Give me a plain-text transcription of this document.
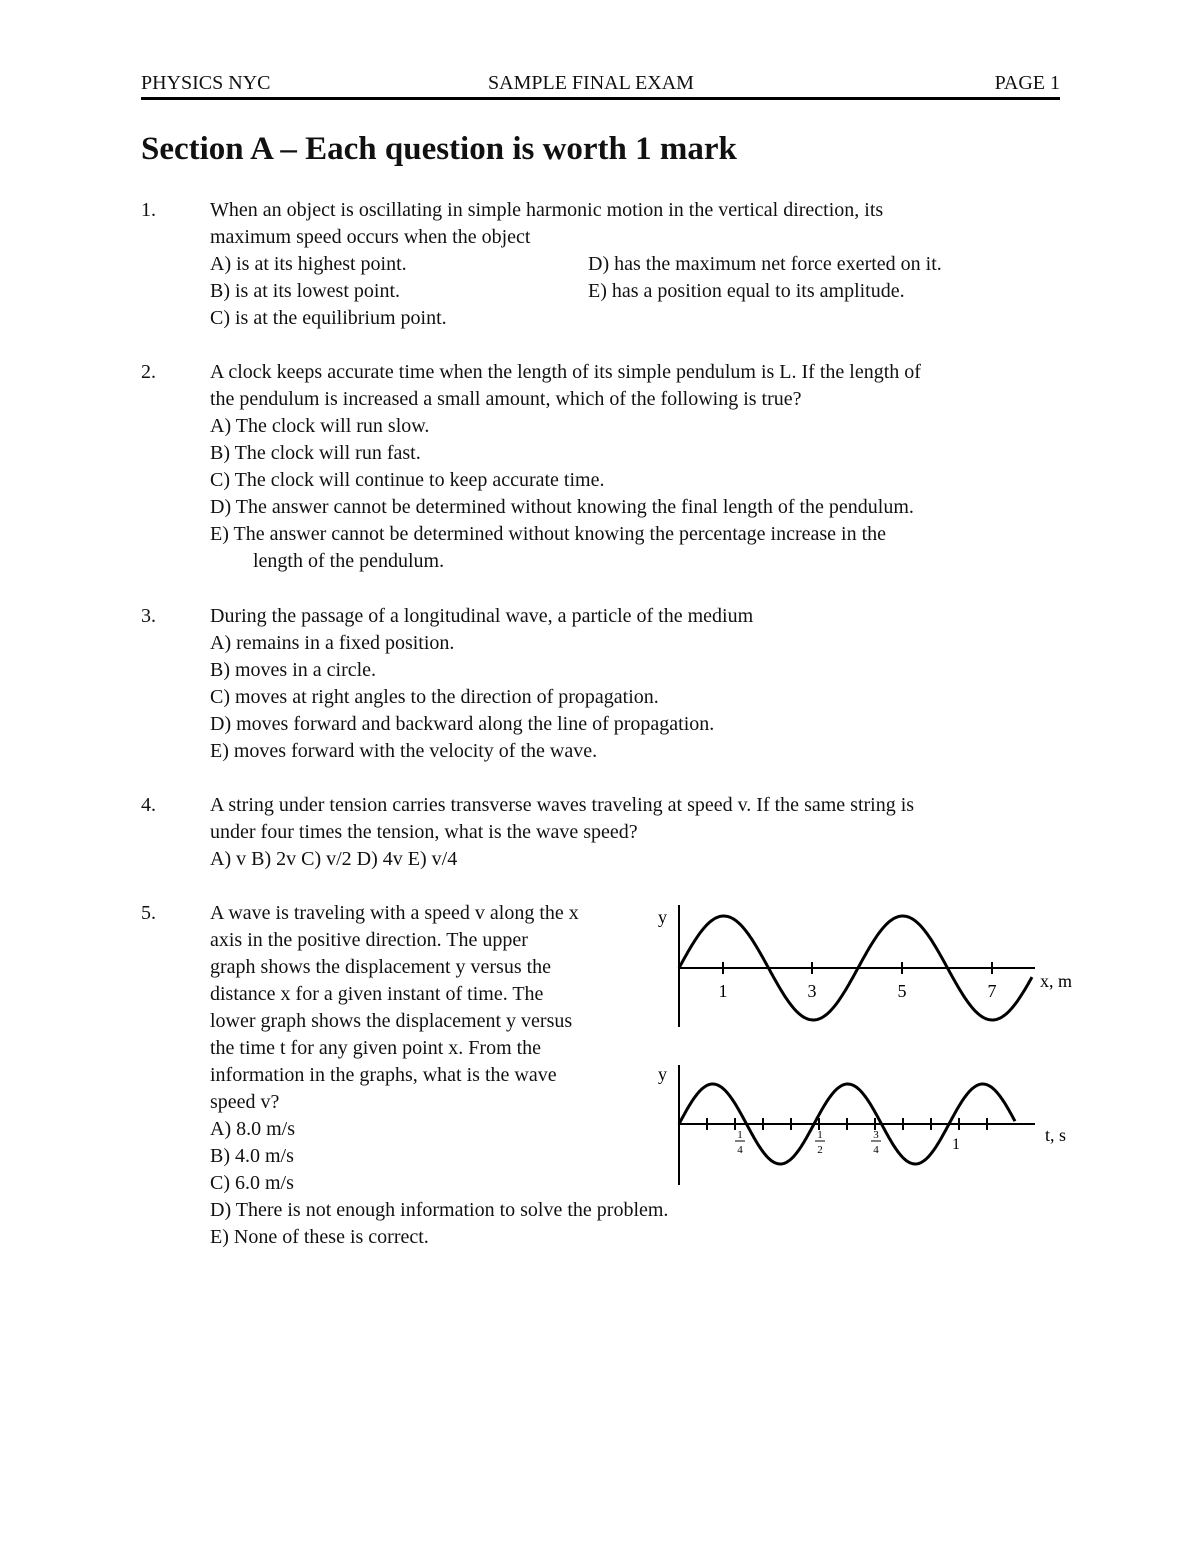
PHYSICS NYC	SAMPLE FINAL EXAM	PAGE 1
Section A – Each question is worth 1 mark
1.	When an object is oscillating in simple harmonic motion in the vertical direction, its
maximum speed occurs when the object
A) is at its highest point.	D) has the maximum net force exerted on it.
B) is at its lowest point.	E) has a position equal to its amplitude.
C) is at the equilibrium point.
2.	A clock keeps accurate time when the length of its simple pendulum is L. If the length of
the pendulum is increased a small amount, which of the following is true?
A) The clock will run slow.
B) The clock will run fast.
C) The clock will continue to keep accurate time.
D) The answer cannot be determined without knowing the final length of the pendulum.
E) The answer cannot be determined without knowing the percentage increase in the
length of the pendulum.
3.	During the passage of a longitudinal wave, a particle of the medium
A) remains in a fixed position.
B) moves in a circle.
C) moves at right angles to the direction of propagation.
D) moves forward and backward along the line of propagation.
E) moves forward with the velocity of the wave.
4.	A string under tension carries transverse waves traveling at speed v. If the same string is
under four times the tension, what is the wave speed?
A) v B) 2v C) v/2 D) 4v E) v/4
5.	A wave is traveling with a speed v along the x
axis in the positive direction. The upper
graph shows the displacement y versus the
distance x for a given instant of time. The
lower graph shows the displacement y versus
the time t for any given point x. From the
information in the graphs, what is the wave
speed v?
A) 8.0 m/s
B) 4.0 m/s
C) 6.0 m/s
D) There is not enough information to solve the problem.
E) None of these is correct.
y
x, m
1	3	5	7
y
t, s
1
4
1
2
3
4	1
